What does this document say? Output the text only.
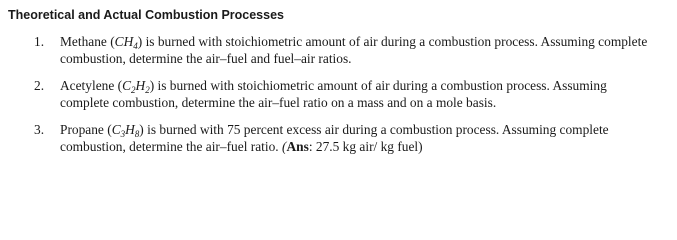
Theoretical and Actual Combustion Processes
1.	Methane $(CH_4)$ is burned with stoichiometric amount of air during a combustion process. Assuming complete combustion, determine the air–fuel and fuel–air ratios.
2.	Acetylene $(C_2H_2)$ is burned with stoichiometric amount of air during a combustion process. Assuming complete combustion, determine the air–fuel ratio on a mass and on a mole basis.
3.	Propane $(C_3H_8)$ is burned with 75 percent excess air during a combustion process. Assuming complete combustion, determine the air–fuel ratio. (Ans: 27.5 kg air/ kg fuel)
